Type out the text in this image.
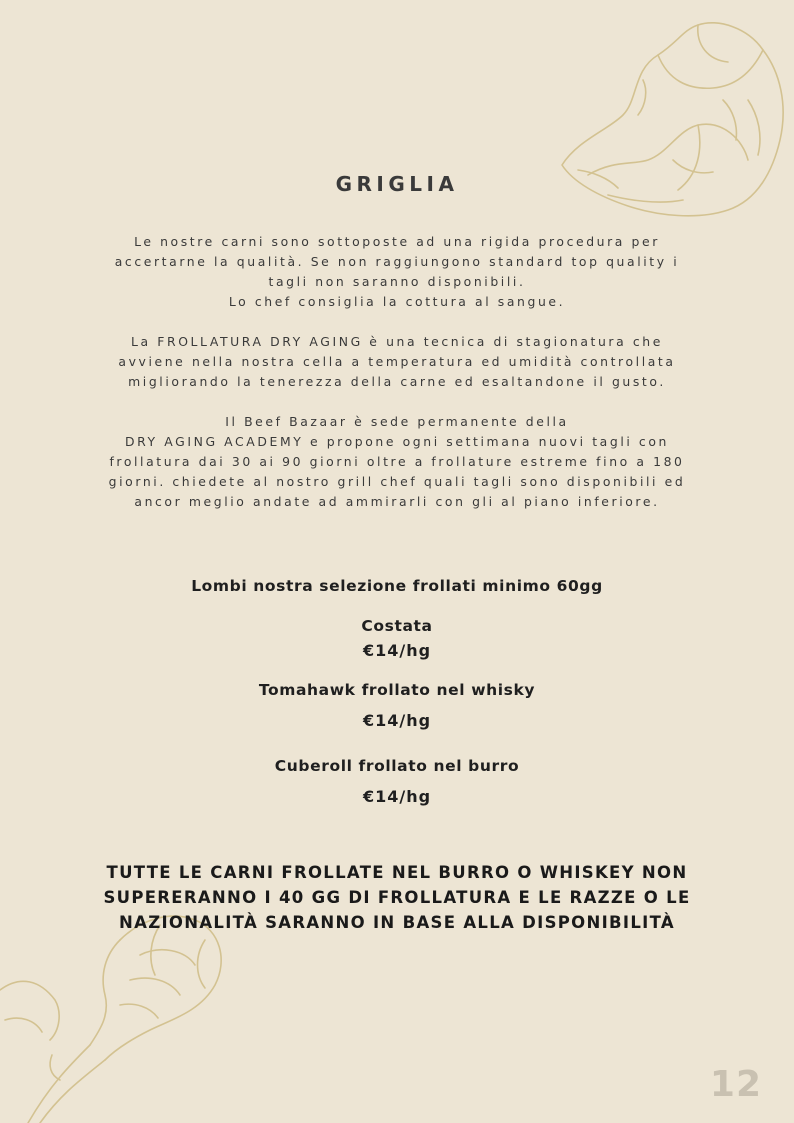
GRIGLIA

Le nostre carni sono sottoposte ad una rigida procedura per
accertarne la qualità. Se non raggiungono standard top quality i
tagli non saranno disponibili.
Lo chef consiglia la cottura al sangue.

La FROLLATURA DRY AGING è una tecnica di stagionatura che
avviene nella nostra cella a temperatura ed umidità controllata
migliorando la tenerezza della carne ed esaltandone il gusto.

Il Beef Bazaar è sede permanente della
DRY AGING ACADEMY e propone ogni settimana nuovi tagli con
frollatura dai 30 ai 90 giorni oltre a frollature estreme fino a 180
giorni. chiedete al nostro grill chef quali tagli sono disponibili ed
ancor meglio andate ad ammirarli con gli al piano inferiore.

Lombi nostra selezione frollati minimo 60gg
Costata
€14/hg
Tomahawk frollato nel whisky
€14/hg
Cuberoll frollato nel burro
€14/hg
TUTTE LE CARNI FROLLATE NEL BURRO O WHISKEY NON SUPERERANNO I 40 GG DI FROLLATURA E LE RAZZE O LE NAZIONALITÀ SARANNO IN BASE ALLA DISPONIBILITÀ
12
